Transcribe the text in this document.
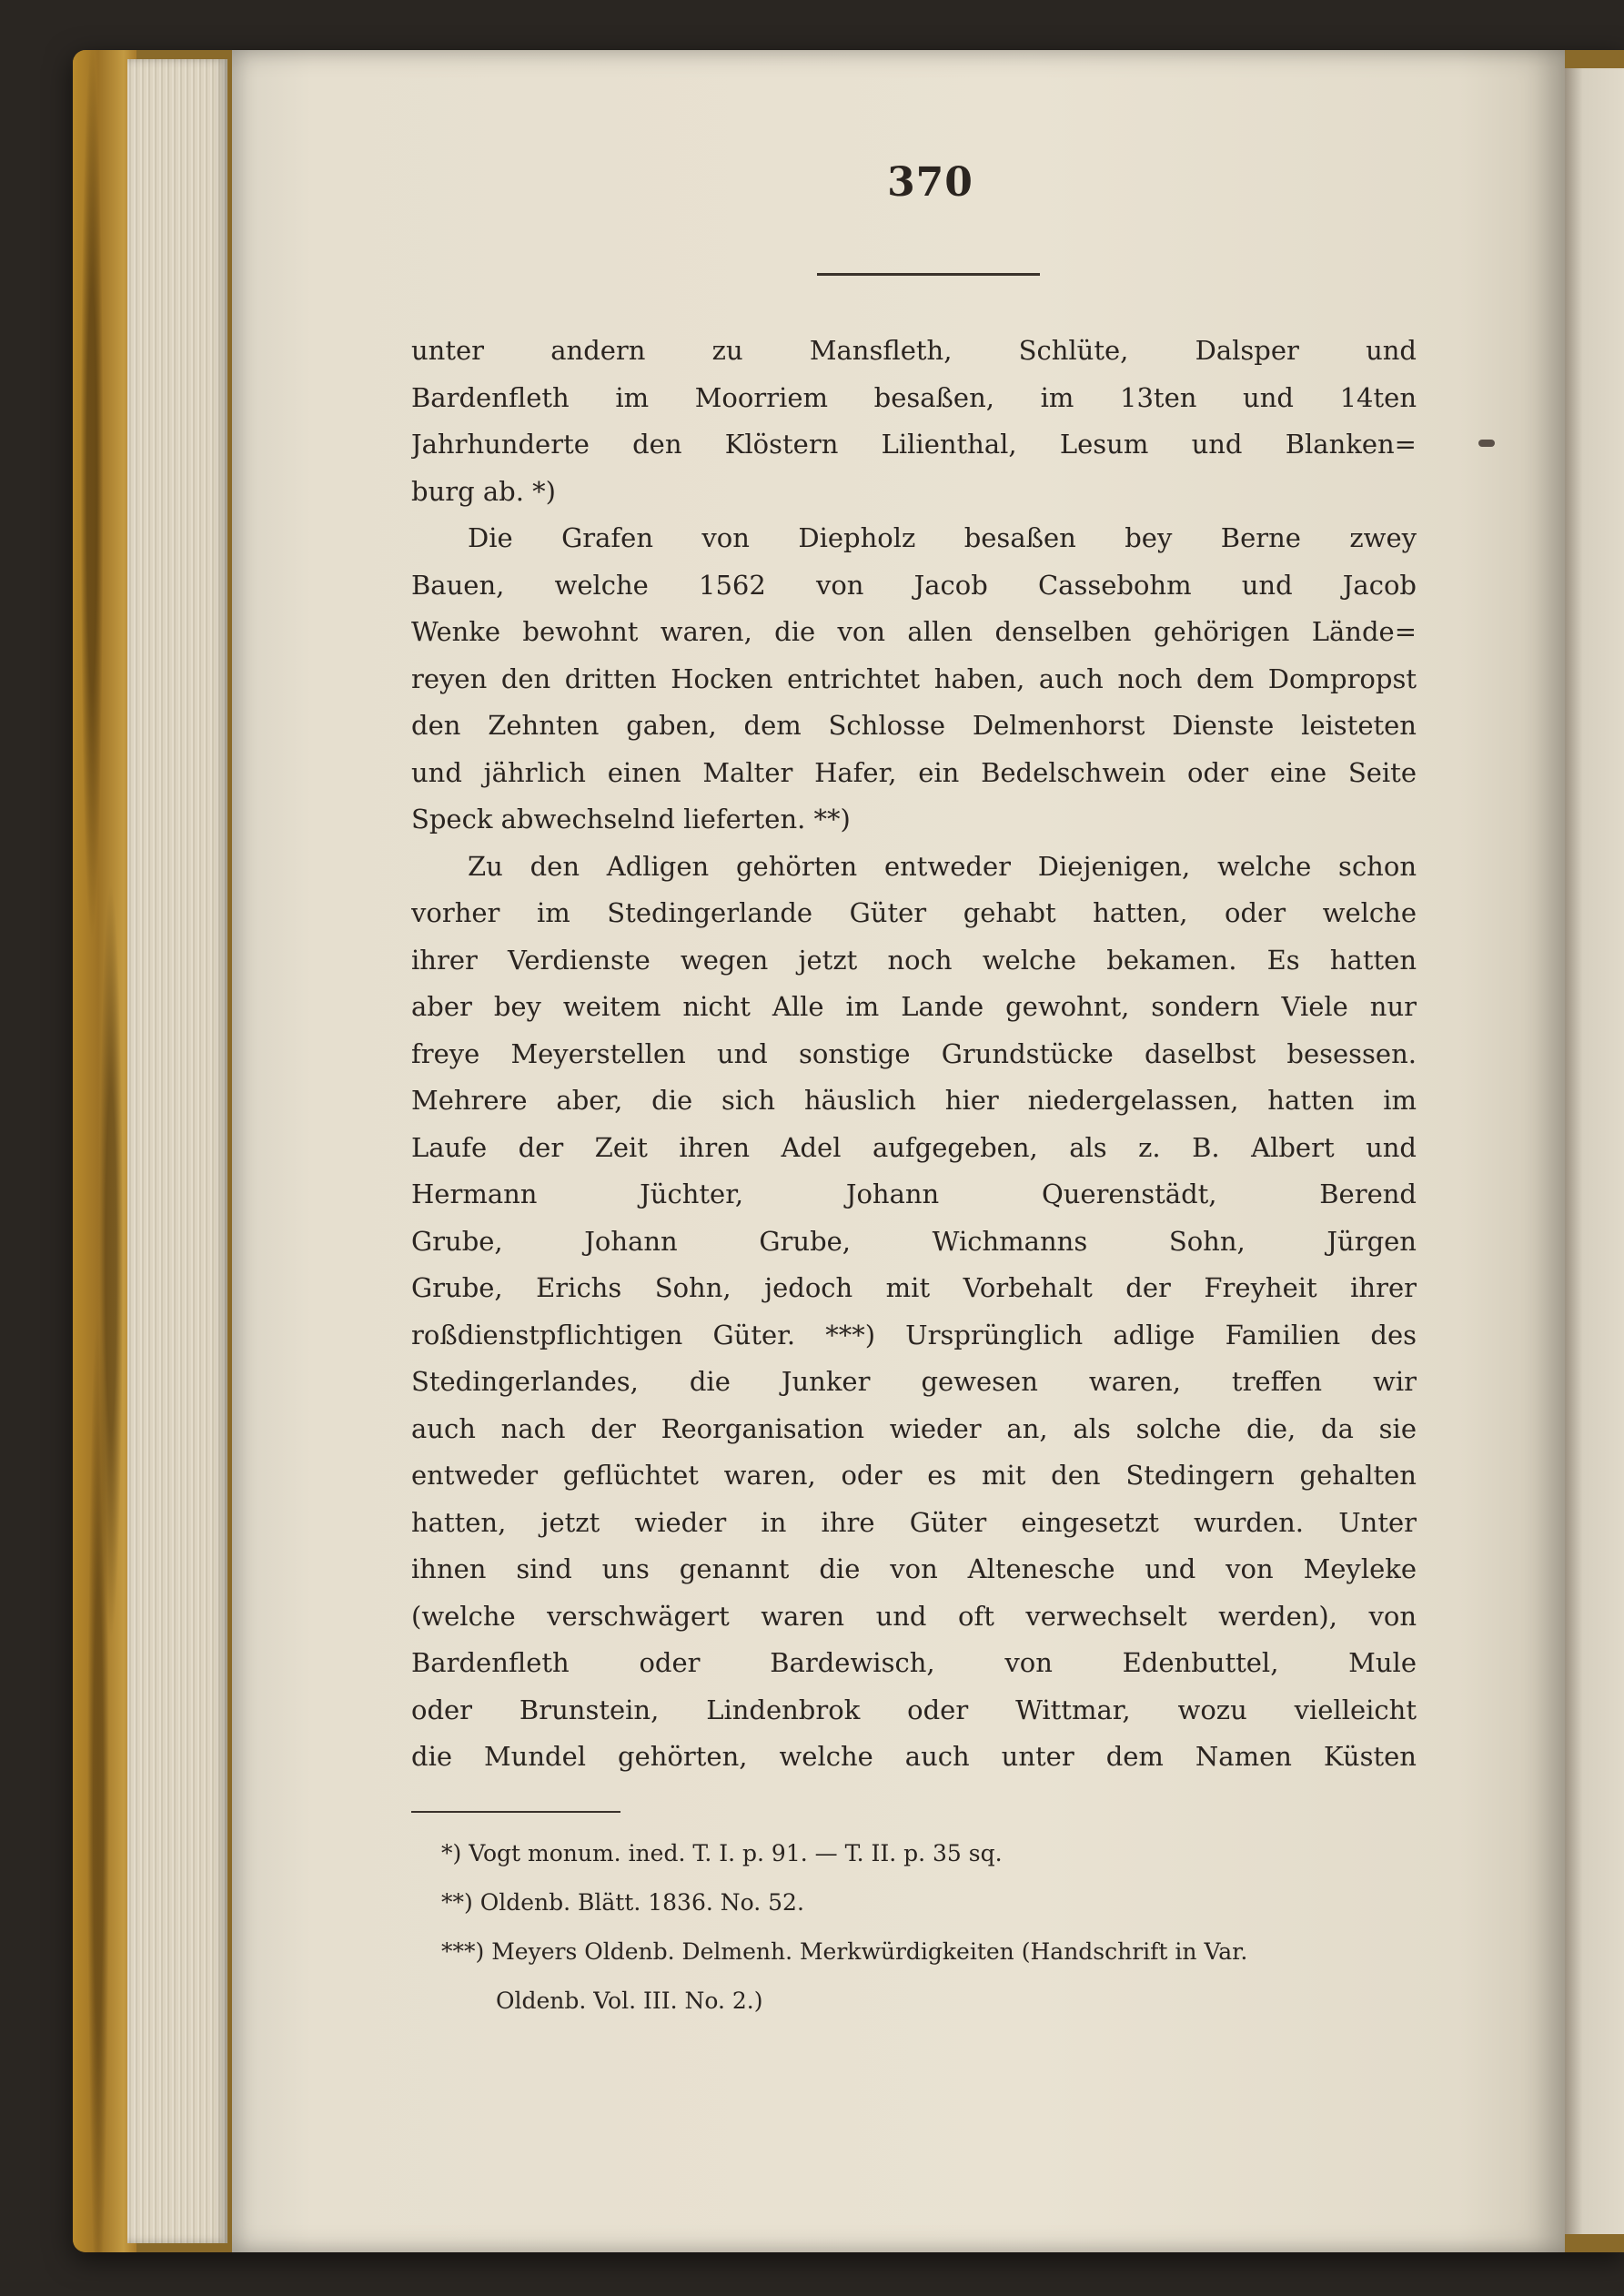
370
unter andern zu Mansfleth, Schlüte, Dalsper und
Bardenfleth im Moorriem besaßen, im 13ten und 14ten
Jahrhunderte den Klöstern Lilienthal, Lesum und Blanken=
burg ab. *)
Die Grafen von Diepholz besaßen bey Berne zwey
Bauen, welche 1562 von Jacob Cassebohm und Jacob
Wenke bewohnt waren, die von allen denselben gehörigen Lände=
reyen den dritten Hocken entrichtet haben, auch noch dem Dompropst
den Zehnten gaben, dem Schlosse Delmenhorst Dienste leisteten
und jährlich einen Malter Hafer, ein Bedelschwein oder eine Seite
Speck abwechselnd lieferten. **)
Zu den Adligen gehörten entweder Diejenigen, welche schon
vorher im Stedingerlande Güter gehabt hatten, oder welche
ihrer Verdienste wegen jetzt noch welche bekamen. Es hatten
aber bey weitem nicht Alle im Lande gewohnt, sondern Viele nur
freye Meyerstellen und sonstige Grundstücke daselbst besessen.
Mehrere aber, die sich häuslich hier niedergelassen, hatten im
Laufe der Zeit ihren Adel aufgegeben, als z. B. Albert und
Hermann Jüchter, Johann Querenstädt, Berend
Grube, Johann Grube, Wichmanns Sohn, Jürgen
Grube, Erichs Sohn, jedoch mit Vorbehalt der Freyheit ihrer
roßdienstpflichtigen Güter. ***) Ursprünglich adlige Familien des
Stedingerlandes, die Junker gewesen waren, treffen wir
auch nach der Reorganisation wieder an, als solche die, da sie
entweder geflüchtet waren, oder es mit den Stedingern gehalten
hatten, jetzt wieder in ihre Güter eingesetzt wurden. Unter
ihnen sind uns genannt die von Altenesche und von Meyleke
(welche verschwägert waren und oft verwechselt werden), von
Bardenfleth oder Bardewisch, von Edenbuttel, Mule
oder Brunstein, Lindenbrok oder Wittmar, wozu vielleicht
die Mundel gehörten, welche auch unter dem Namen Küsten
*) Vogt monum. ined. T. I. p. 91. — T. II. p. 35 sq.
**) Oldenb. Blätt. 1836. No. 52.
***) Meyers Oldenb. Delmenh. Merkwürdigkeiten (Handschrift in Var.
Oldenb. Vol. III. No. 2.)
